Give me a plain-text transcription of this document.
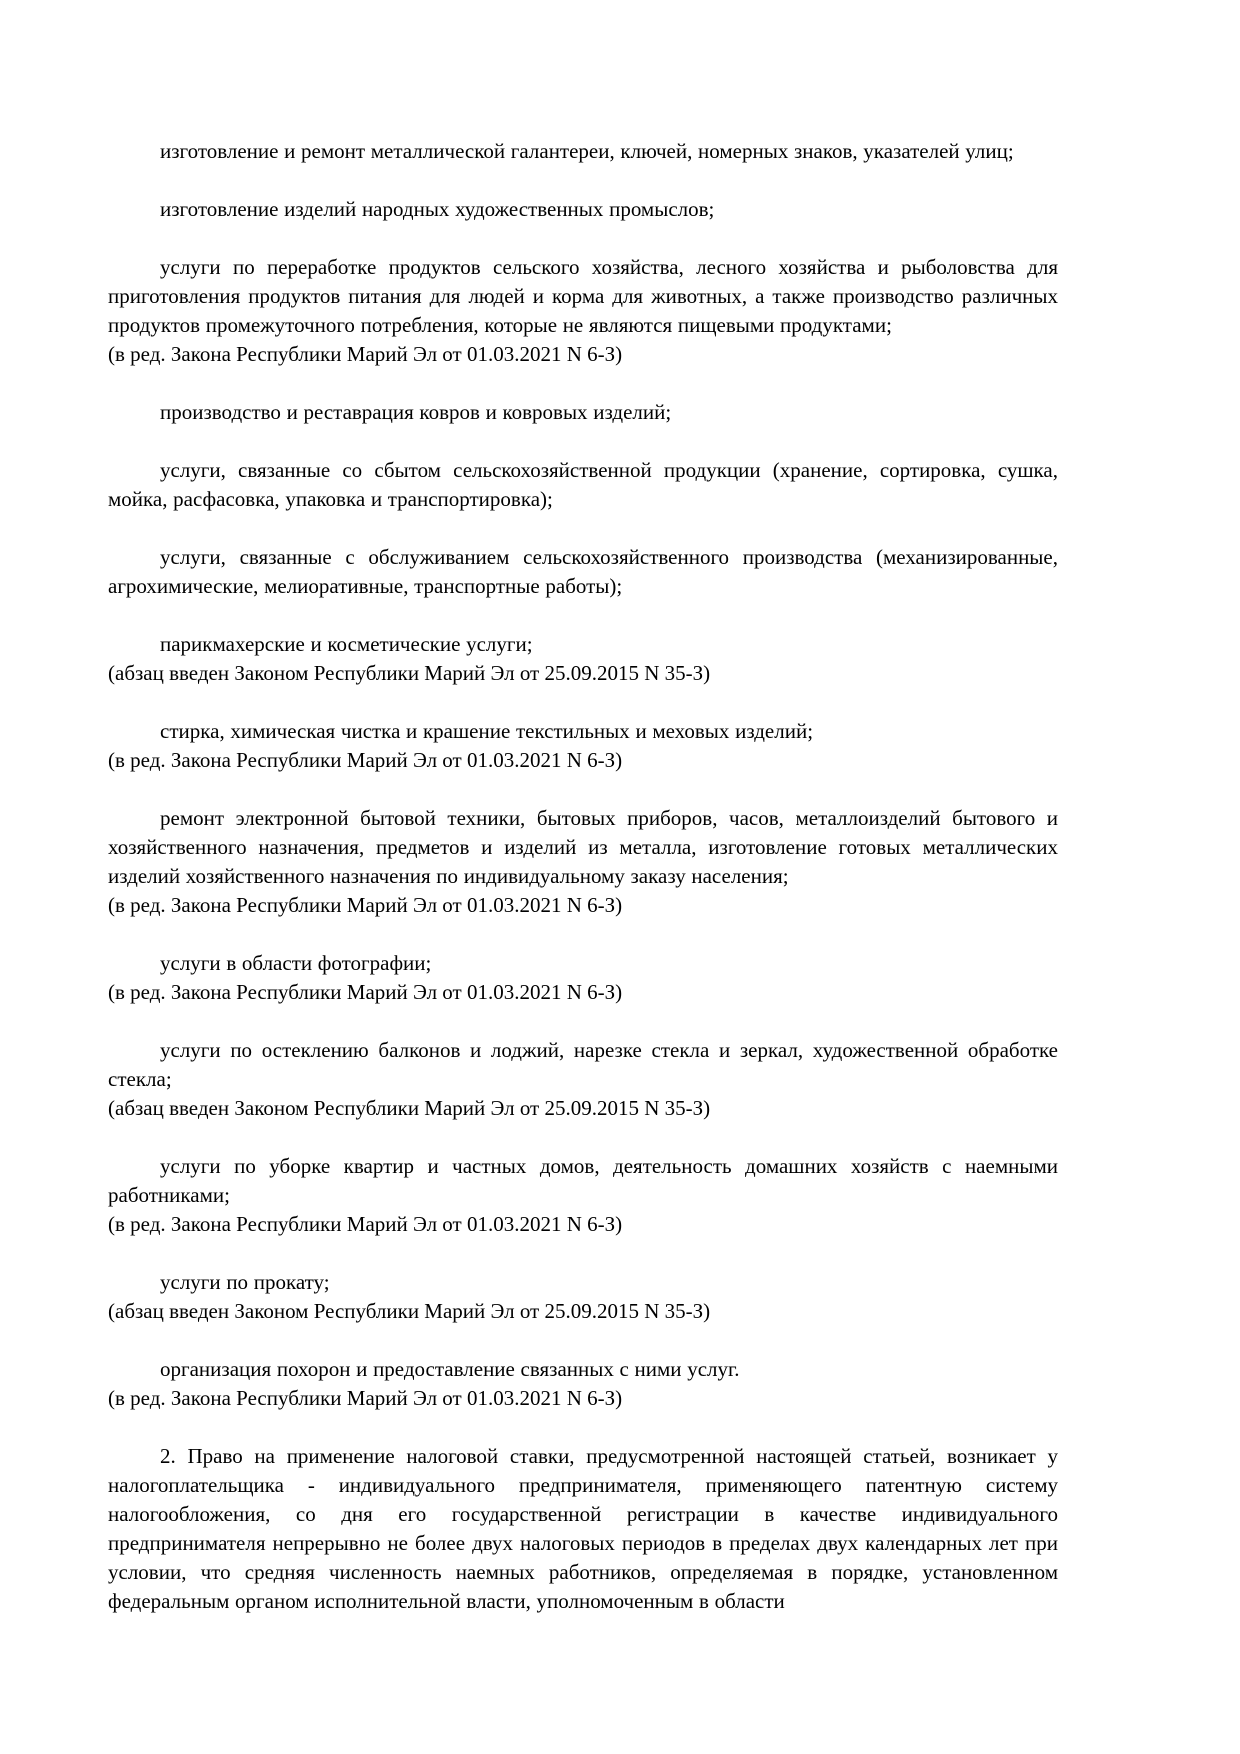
изготовление и ремонт металлической галантереи, ключей, номерных знаков, указателей улиц;

изготовление изделий народных художественных промыслов;

услуги по переработке продуктов сельского хозяйства, лесного хозяйства и рыболовства для приготовления продуктов питания для людей и корма для животных, а также производство различных продуктов промежуточного потребления, которые не являются пищевыми продуктами;

(в ред. Закона Республики Марий Эл от 01.03.2021 N 6-З)

производство и реставрация ковров и ковровых изделий;

услуги, связанные со сбытом сельскохозяйственной продукции (хранение, сортировка, сушка, мойка, расфасовка, упаковка и транспортировка);

услуги, связанные с обслуживанием сельскохозяйственного производства (механизированные, агрохимические, мелиоративные, транспортные работы);

парикмахерские и косметические услуги;

(абзац введен Законом Республики Марий Эл от 25.09.2015 N 35-З)

стирка, химическая чистка и крашение текстильных и меховых изделий;

(в ред. Закона Республики Марий Эл от 01.03.2021 N 6-З)

ремонт электронной бытовой техники, бытовых приборов, часов, металлоизделий бытового и хозяйственного назначения, предметов и изделий из металла, изготовление готовых металлических изделий хозяйственного назначения по индивидуальному заказу населения;

(в ред. Закона Республики Марий Эл от 01.03.2021 N 6-З)

услуги в области фотографии;

(в ред. Закона Республики Марий Эл от 01.03.2021 N 6-З)

услуги по остеклению балконов и лоджий, нарезке стекла и зеркал, художественной обработке стекла;

(абзац введен Законом Республики Марий Эл от 25.09.2015 N 35-З)

услуги по уборке квартир и частных домов, деятельность домашних хозяйств с наемными работниками;

(в ред. Закона Республики Марий Эл от 01.03.2021 N 6-З)

услуги по прокату;

(абзац введен Законом Республики Марий Эл от 25.09.2015 N 35-З)

организация похорон и предоставление связанных с ними услуг.

(в ред. Закона Республики Марий Эл от 01.03.2021 N 6-З)

2. Право на применение налоговой ставки, предусмотренной настоящей статьей, возникает у налогоплательщика - индивидуального предпринимателя, применяющего патентную систему налогообложения, со дня его государственной регистрации в качестве индивидуального предпринимателя непрерывно не более двух налоговых периодов в пределах двух календарных лет при условии, что средняя численность наемных работников, определяемая в порядке, установленном федеральным органом исполнительной власти, уполномоченным в области
